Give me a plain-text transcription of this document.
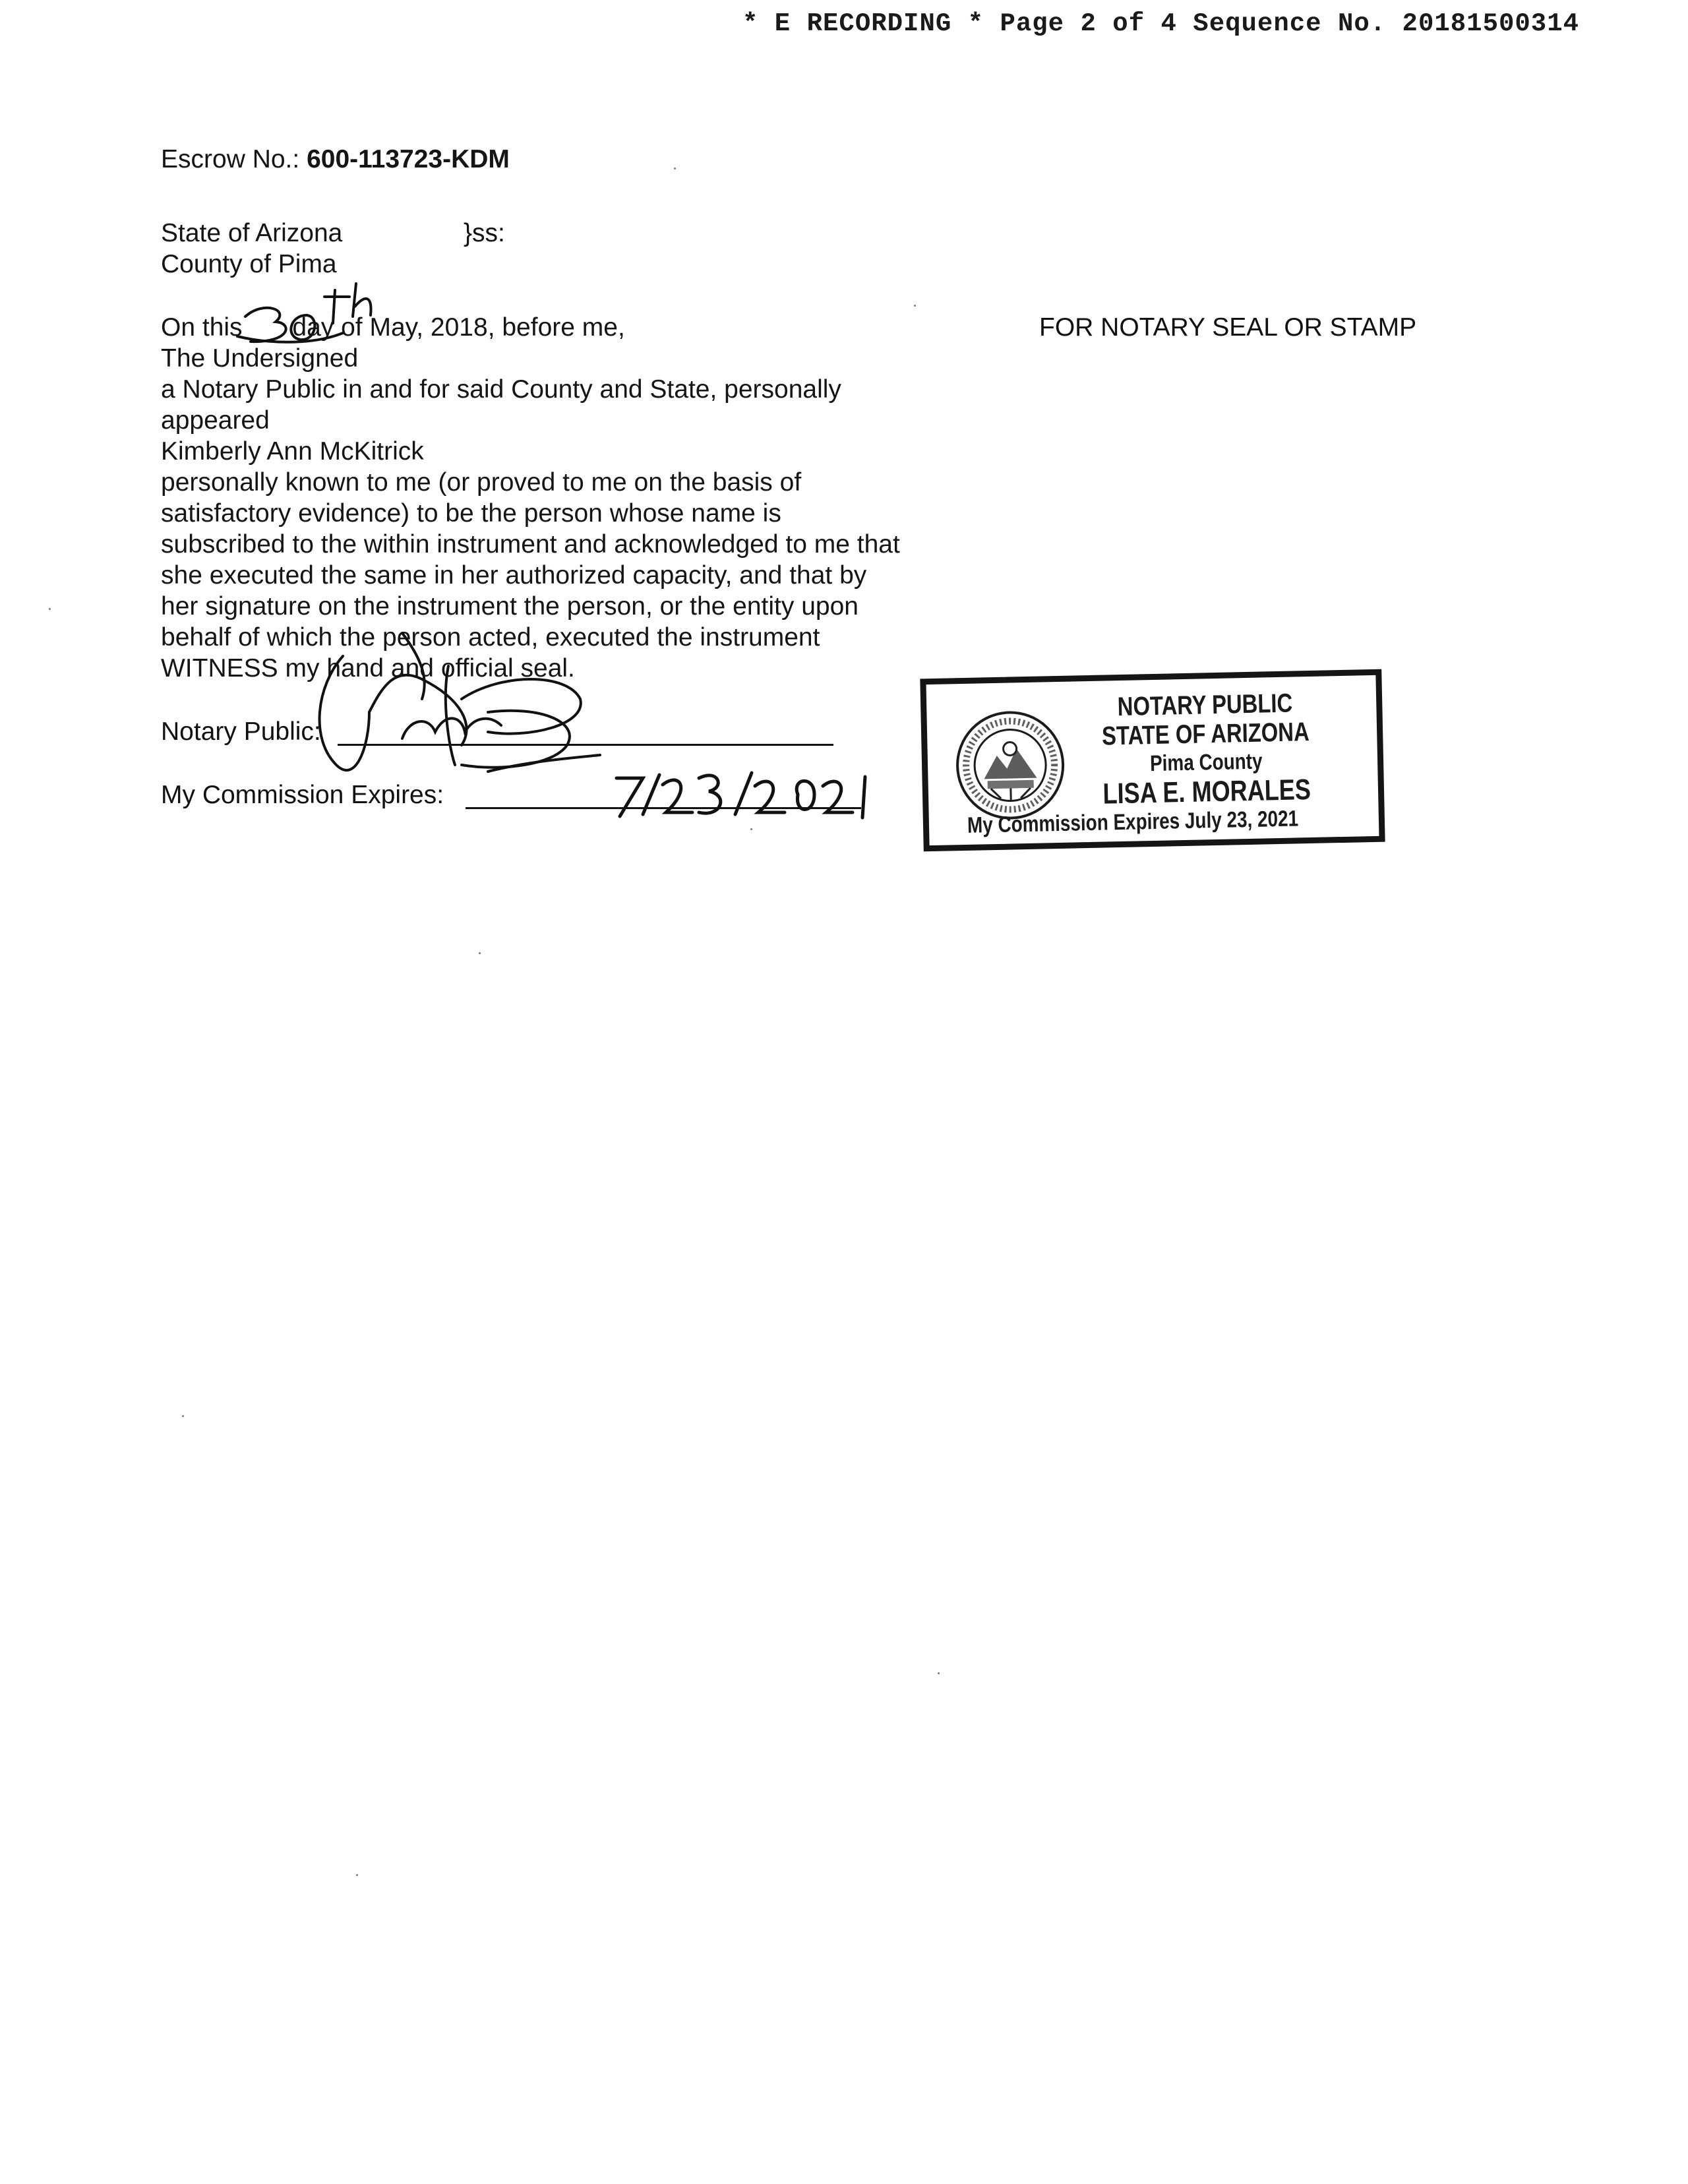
* E RECORDING * Page 2 of 4 Sequence No. 20181500314
Escrow No.: 600-113723-KDM
State of Arizona
County of Pima
}ss:
On this       day of May, 2018, before me,
The Undersigned
a Notary Public in and for said County and State, personally
appeared
Kimberly Ann McKitrick
personally known to me (or proved to me on the basis of
satisfactory evidence) to be the person whose name is
subscribed to the within instrument and acknowledged to me that
she executed the same in her authorized capacity, and that by
her signature on the instrument the person, or the entity upon
behalf of which the person acted, executed the instrument
WITNESS my hand and official seal.
FOR NOTARY SEAL OR STAMP
Notary Public:
My Commission Expires:
NOTARY PUBLIC
STATE OF ARIZONA
Pima County
LISA E. MORALES
My Commission Expires July 23, 2021
